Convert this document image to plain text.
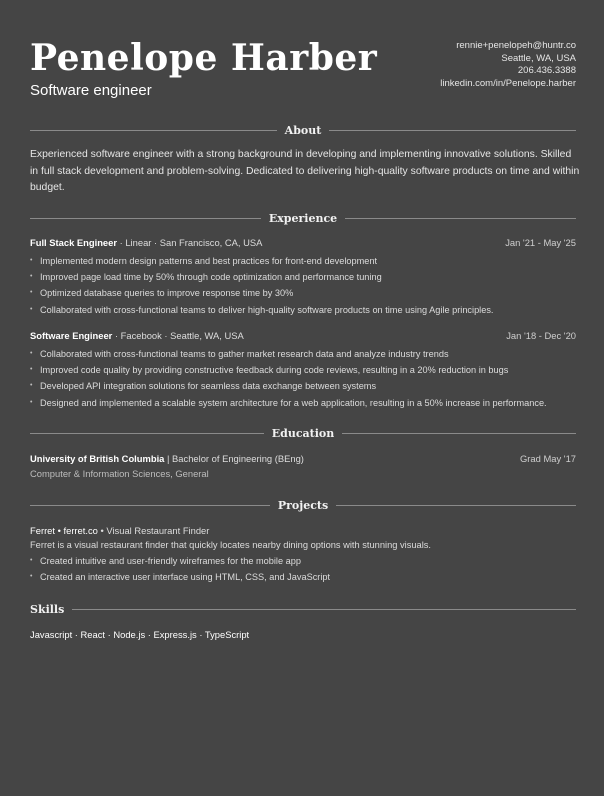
Penelope Harber
Software engineer
rennie+penelopeh@huntr.co
Seattle, WA, USA
206.436.3388
linkedin.com/in/Penelope.harber
About
Experienced software engineer with a strong background in developing and implementing innovative solutions. Skilled in full stack development and problem-solving. Dedicated to delivering high-quality software products on time and within budget.
Experience
Full Stack Engineer · Linear · San Francisco, CA, USA	Jan '21 - May '25
• Implemented modern design patterns and best practices for front-end development
• Improved page load time by 50% through code optimization and performance tuning
• Optimized database queries to improve response time by 30%
• Collaborated with cross-functional teams to deliver high-quality software products on time using Agile principles.
Software Engineer · Facebook · Seattle, WA, USA	Jan '18 - Dec '20
• Collaborated with cross-functional teams to gather market research data and analyze industry trends
• Improved code quality by providing constructive feedback during code reviews, resulting in a 20% reduction in bugs
• Developed API integration solutions for seamless data exchange between systems
• Designed and implemented a scalable system architecture for a web application, resulting in a 50% increase in performance.
Education
University of British Columbia | Bachelor of Engineering (BEng)	Grad May '17
Computer & Information Sciences, General
Projects
Ferret • ferret.co • Visual Restaurant Finder
Ferret is a visual restaurant finder that quickly locates nearby dining options with stunning visuals.
• Created intuitive and user-friendly wireframes for the mobile app
• Created an interactive user interface using HTML, CSS, and JavaScript
Skills
Javascript · React · Node.js · Express.js · TypeScript
